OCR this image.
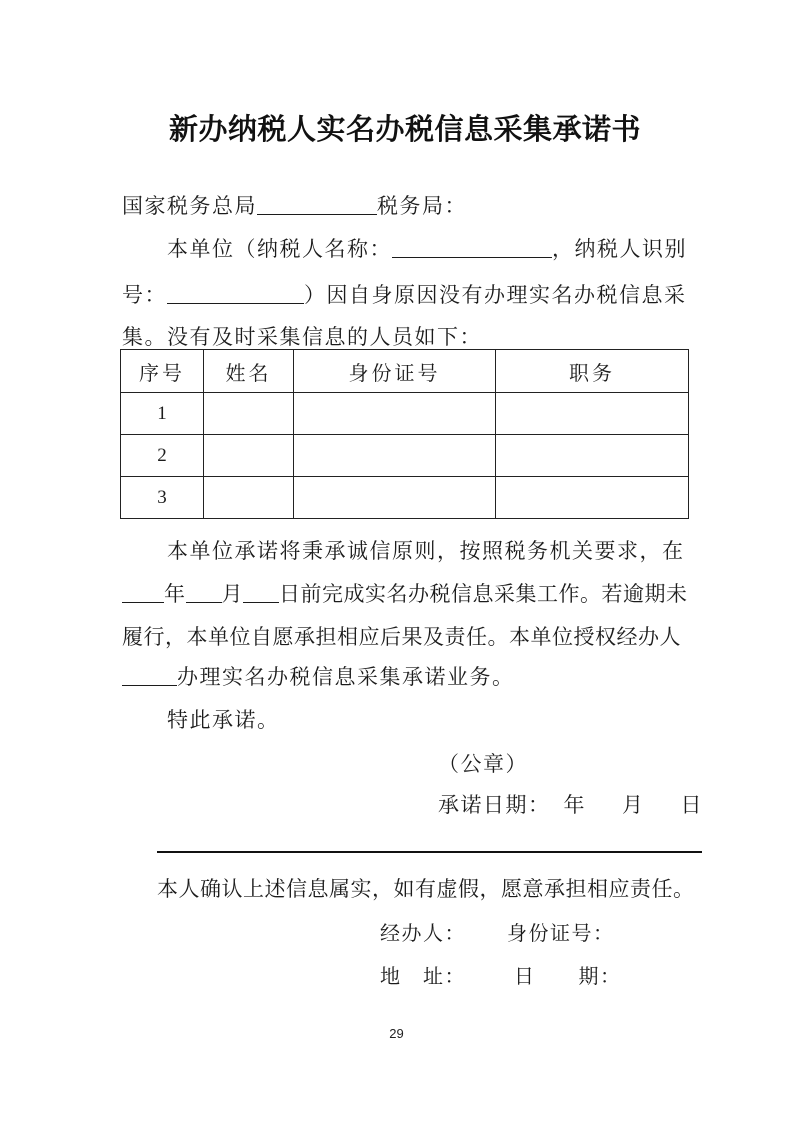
新办纳税人实名办税信息采集承诺书
国家税务总局	税务局：
本单位（纳税人名称：	，纳税人识别
号：	）因自身原因没有办理实名办税信息采
集。没有及时采集信息的人员如下：
序号	姓名	身份证号	职务
1			
2			
3			
本单位承诺将秉承诚信原则，按照税务机关要求，在
年 月 日前完成实名办税信息采集工作。若逾期未
履行，本单位自愿承担相应后果及责任。本单位授权经办人
办理实名办税信息采集承诺业务。
特此承诺。
（公章）
承诺日期： 年 月 日
本人确认上述信息属实，如有虚假，愿意承担相应责任。
经办人： 身份证号：
地　址： 日　　期：
29
